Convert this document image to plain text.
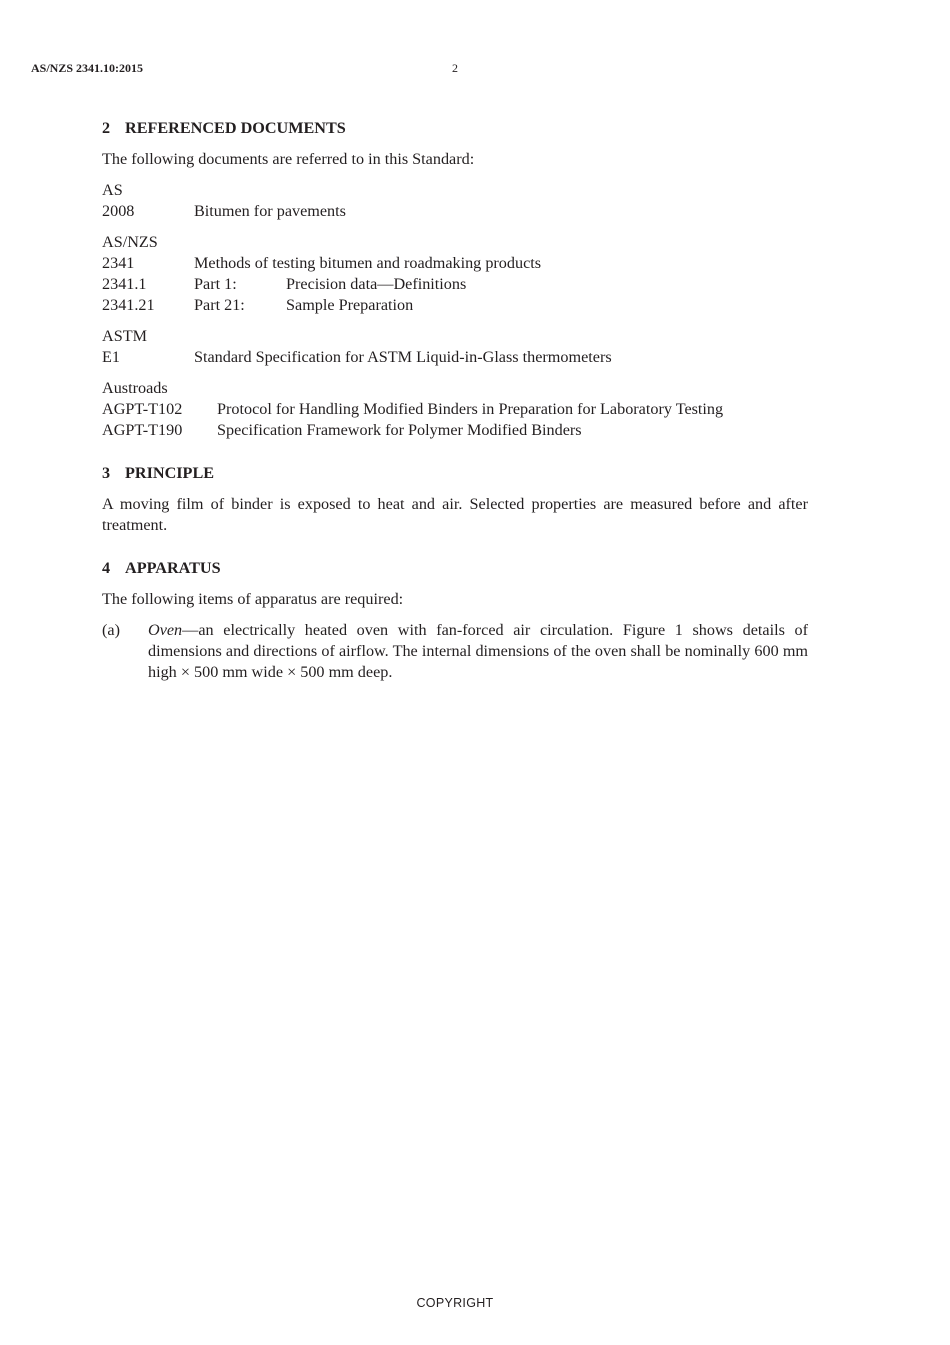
AS/NZS 2341.10:2015	2
2 REFERENCED DOCUMENTS
The following documents are referred to in this Standard:
AS
2008	Bitumen for pavements
AS/NZS
2341	Methods of testing bitumen and roadmaking products
2341.1	Part 1:	Precision data—Definitions
2341.21	Part 21:	Sample Preparation
ASTM
E1	Standard Specification for ASTM Liquid-in-Glass thermometers
Austroads
AGPT-T102	Protocol for Handling Modified Binders in Preparation for Laboratory Testing
AGPT-T190	Specification Framework for Polymer Modified Binders
3 PRINCIPLE
A moving film of binder is exposed to heat and air. Selected properties are measured before and after treatment.
4 APPARATUS
The following items of apparatus are required:
(a)	Oven—an electrically heated oven with fan-forced air circulation. Figure 1 shows details of dimensions and directions of airflow. The internal dimensions of the oven shall be nominally 600 mm high × 500 mm wide × 500 mm deep.
COPYRIGHT
